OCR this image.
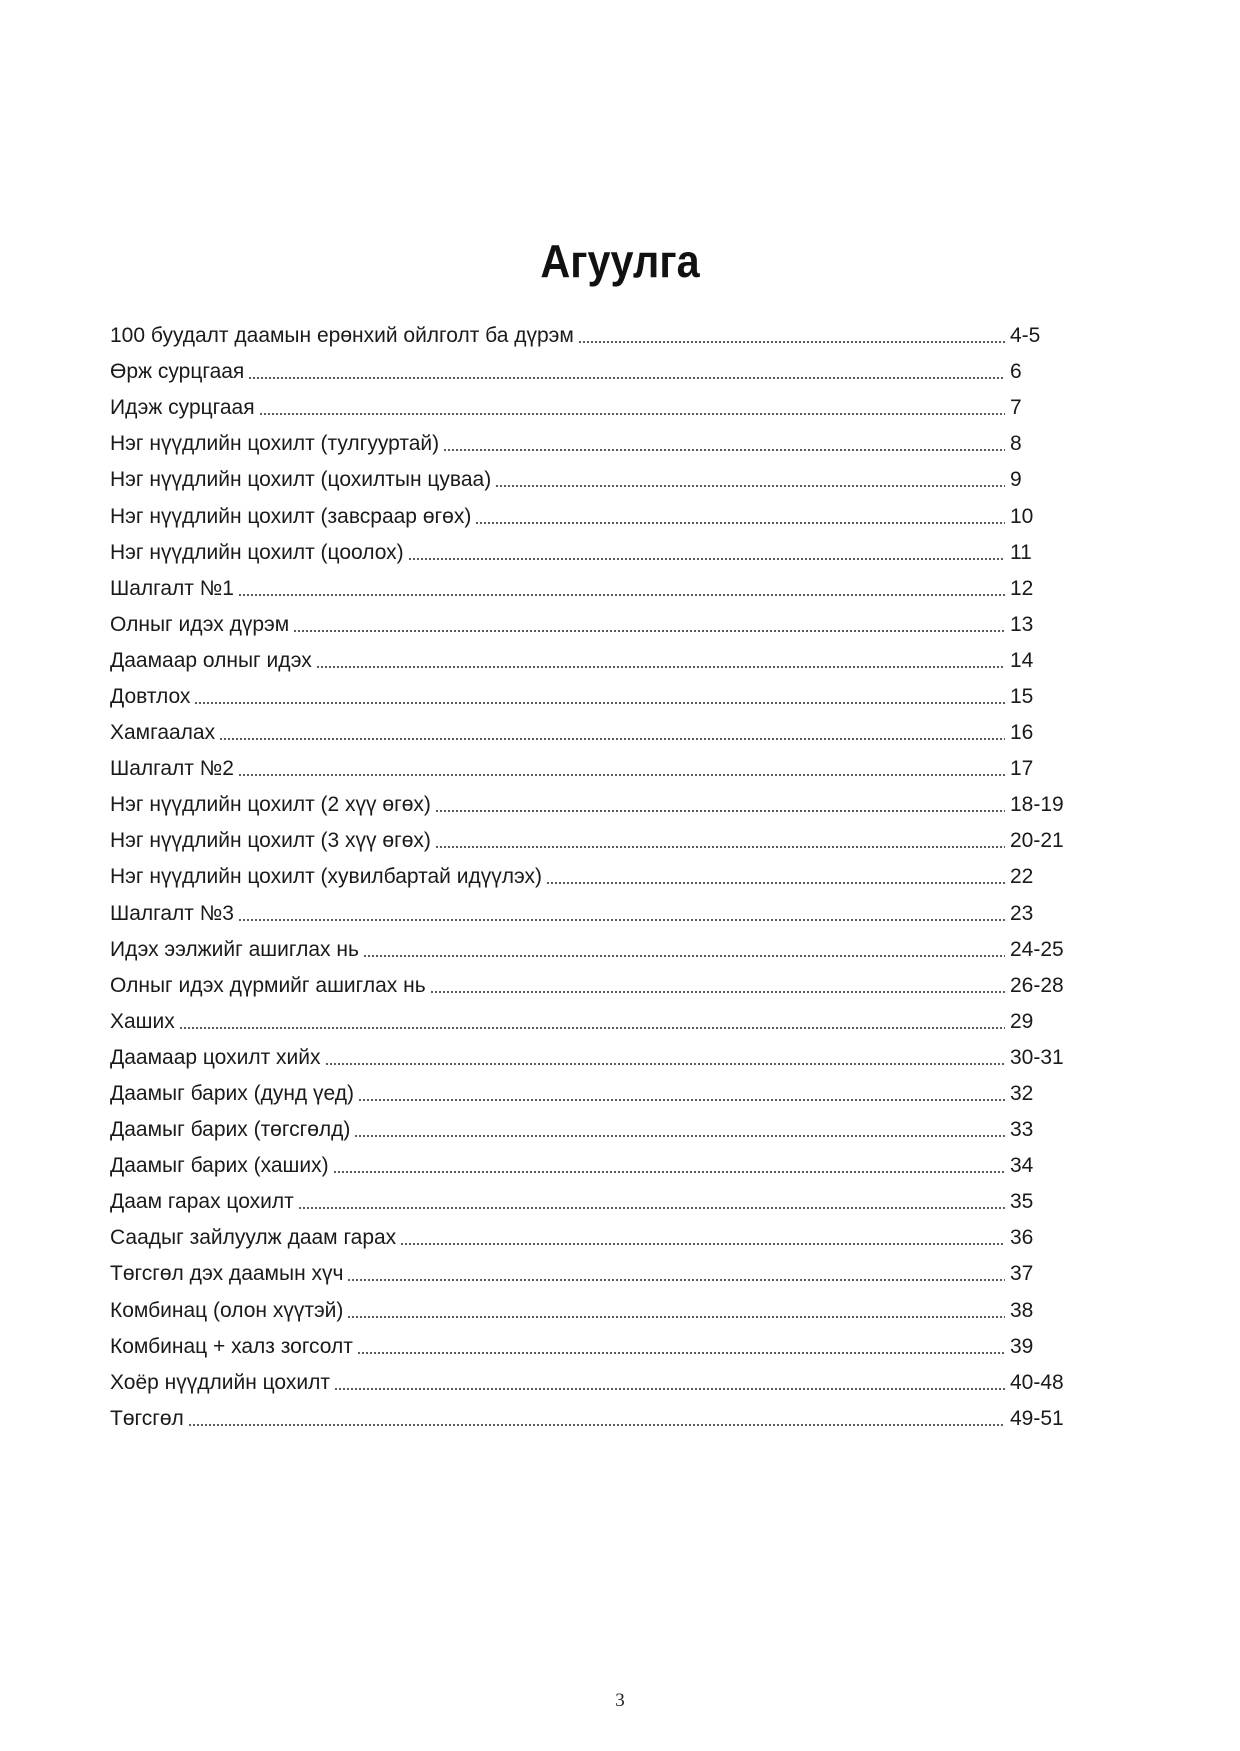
Агуулга
100 буудалт даамын ерөнхий ойлголт ба дүрэм	4-5
Өрж сурцгаая	6
Идэж сурцгаая	7
Нэг нүүдлийн цохилт (тулгууртай)	8
Нэг нүүдлийн цохилт (цохилтын цуваа)	9
Нэг нүүдлийн цохилт (завсраар өгөх)	10
Нэг нүүдлийн цохилт (цоолох)	11
Шалгалт №1	12
Олныг идэх дүрэм	13
Даамаар олныг идэх	14
Довтлох	15
Хамгаалах	16
Шалгалт №2	17
Нэг нүүдлийн цохилт (2 хүү өгөх)	18-19
Нэг нүүдлийн цохилт (3 хүү өгөх)	20-21
Нэг нүүдлийн цохилт (хувилбартай идүүлэх)	22
Шалгалт №3	23
Идэх ээлжийг ашиглах нь	24-25
Олныг идэх дүрмийг ашиглах нь	26-28
Хаших	29
Даамаар цохилт хийх	30-31
Даамыг барих (дунд үед)	32
Даамыг барих (төгсгөлд)	33
Даамыг барих (хаших)	34
Даам гарах цохилт	35
Саадыг зайлуулж даам гарах	36
Төгсгөл дэх даамын хүч	37
Комбинац (олон хүүтэй)	38
Комбинац + халз зогсолт	39
Хоёр нүүдлийн цохилт	40-48
Төгсгөл	49-51
3
